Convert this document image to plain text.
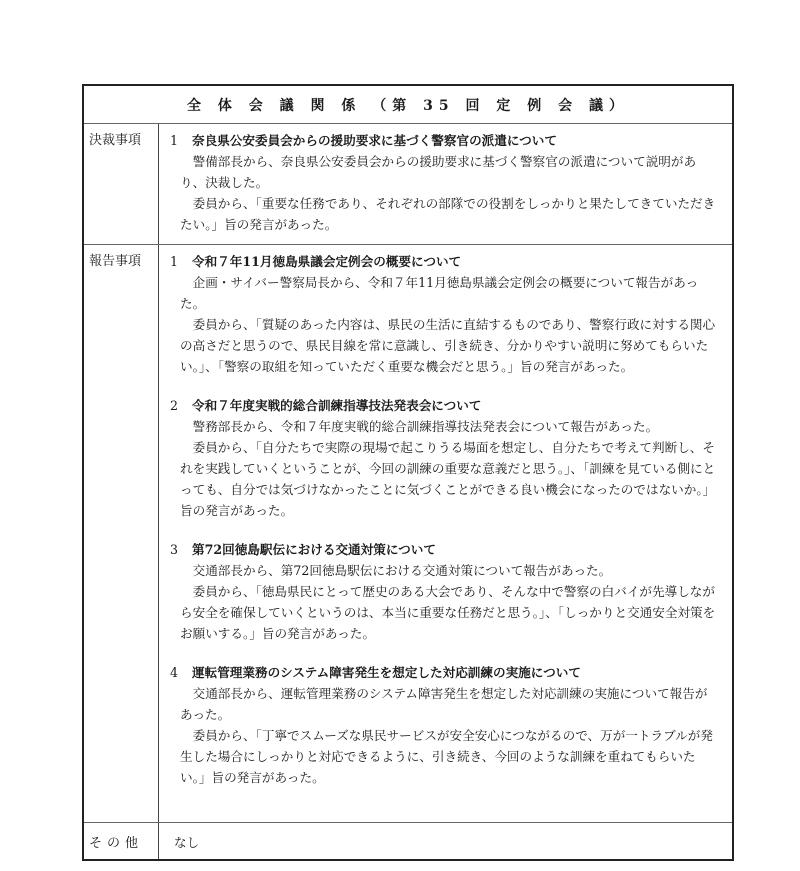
全 体 会 議 関 係 （第 35 回 定 例 会 議）
決裁事項	1 奈良県公安委員会からの援助要求に基づく警察官の派遣について
警備部長から、奈良県公安委員会からの援助要求に基づく警察官の派遣について説明があり、決裁した。
委員から、「重要な任務であり、それぞれの部隊での役割をしっかりと果たしてきていただきたい。」旨の発言があった。
報告事項	1 令和７年11月徳島県議会定例会の概要について
企画・サイバー警察局長から、令和７年11月徳島県議会定例会の概要について報告があった。
委員から、「質疑のあった内容は、県民の生活に直結するものであり、警察行政に対する関心の高さだと思うので、県民目線を常に意識し、引き続き、分かりやすい説明に努めてもらいたい。」、「警察の取組を知っていただく重要な機会だと思う。」旨の発言があった。
2 令和７年度実戦的総合訓練指導技法発表会について
警務部長から、令和７年度実戦的総合訓練指導技法発表会について報告があった。
委員から、「自分たちで実際の現場で起こりうる場面を想定し、自分たちで考えて判断し、それを実践していくということが、今回の訓練の重要な意義だと思う。」、「訓練を見ている側にとっても、自分では気づけなかったことに気づくことができる良い機会になったのではないか。」旨の発言があった。
3 第72回徳島駅伝における交通対策について
交通部長から、第72回徳島駅伝における交通対策について報告があった。
委員から、「徳島県民にとって歴史のある大会であり、そんな中で警察の白バイが先導しながら安全を確保していくというのは、本当に重要な任務だと思う。」、「しっかりと交通安全対策をお願いする。」旨の発言があった。
4 運転管理業務のシステム障害発生を想定した対応訓練の実施について
交通部長から、運転管理業務のシステム障害発生を想定した対応訓練の実施について報告があった。
委員から、「丁寧でスムーズな県民サービスが安全安心につながるので、万が一トラブルが発生した場合にしっかりと対応できるように、引き続き、今回のような訓練を重ねてもらいたい。」旨の発言があった。
その他	なし
